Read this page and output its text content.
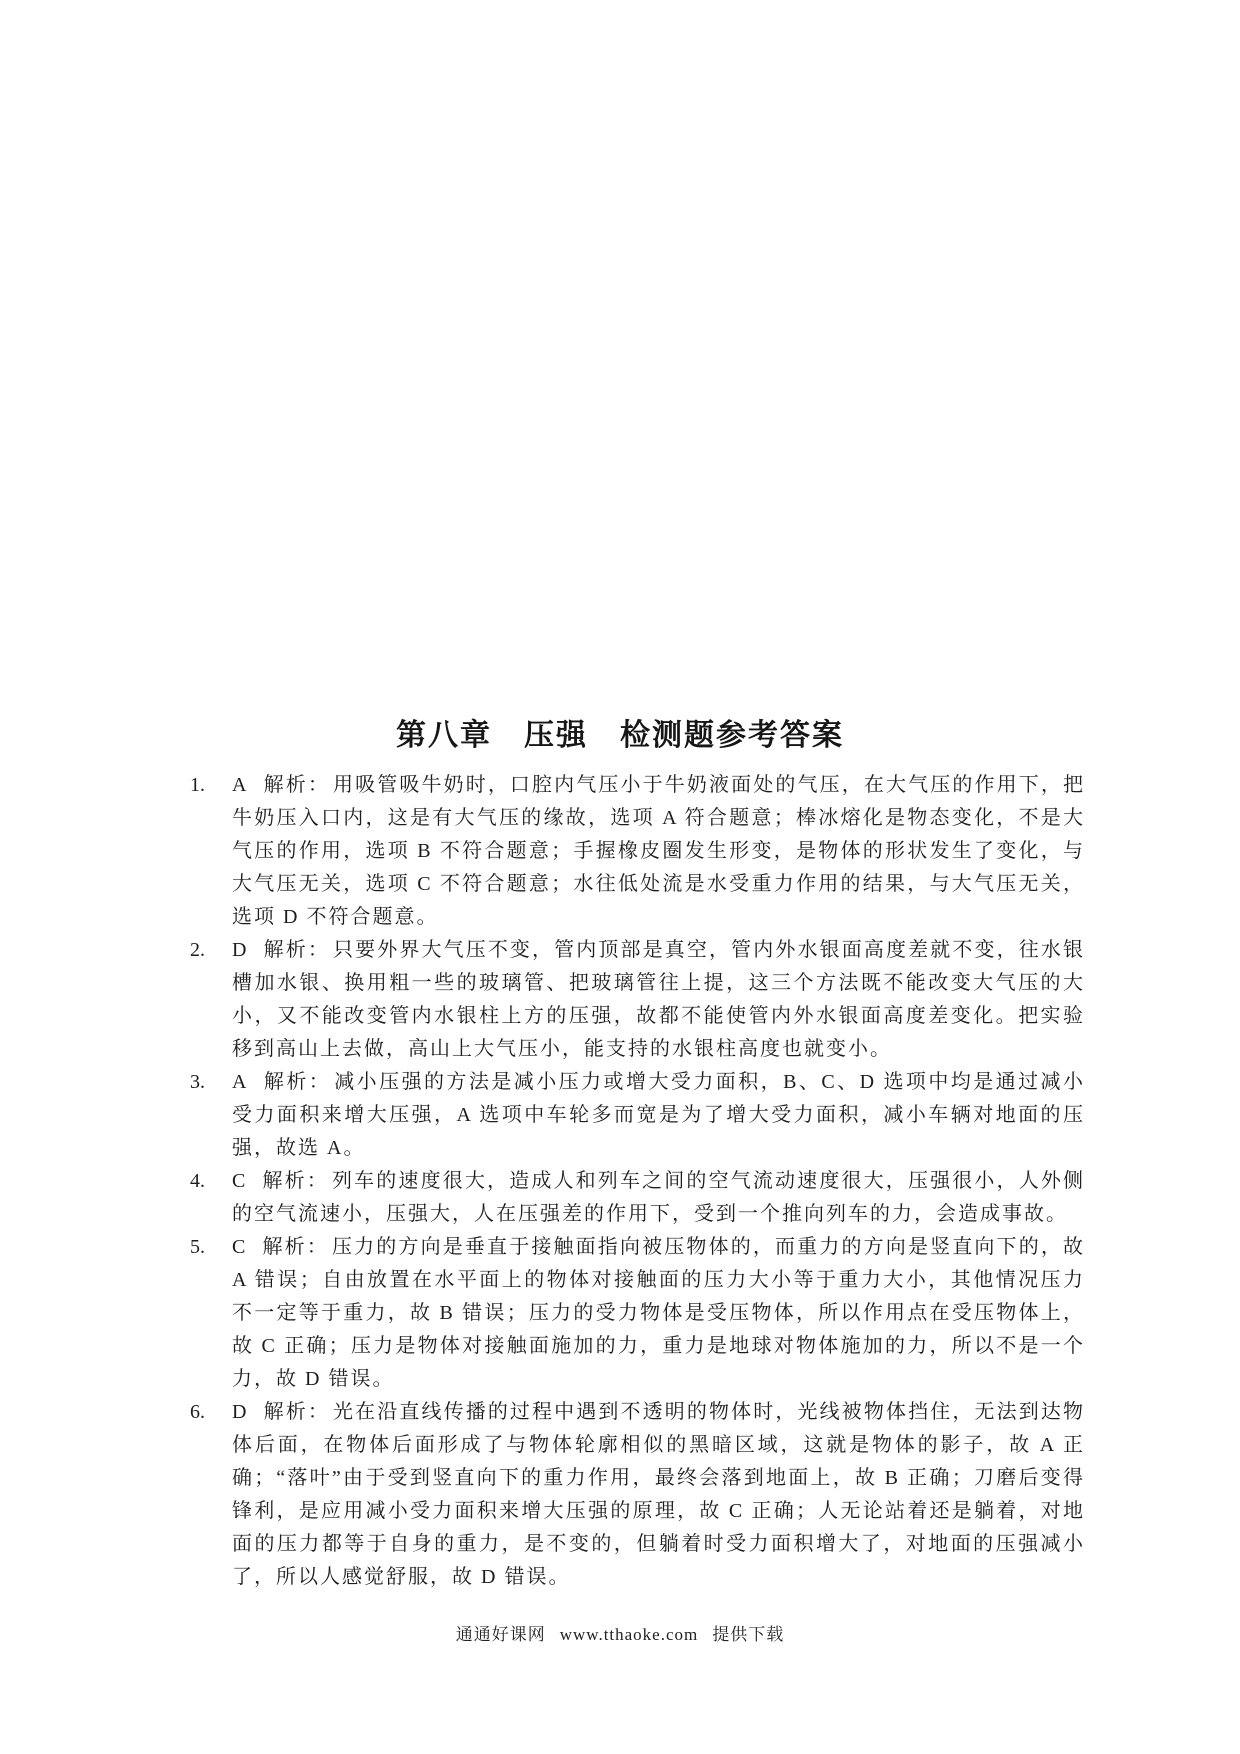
第八章　压强　检测题参考答案
1.	A 解析： 用吸管吸牛奶时，口腔内气压小于牛奶液面处的气压，在大气压的作用下，把牛奶压入口内，这是有大气压的缘故，选项 A 符合题意；棒冰熔化是物态变化，不是大气压的作用，选项 B 不符合题意；手握橡皮圈发生形变，是物体的形状发生了变化，与大气压无关，选项 C 不符合题意；水往低处流是水受重力作用的结果，与大气压无关，选项 D 不符合题意。
2.	D 解析： 只要外界大气压不变，管内顶部是真空，管内外水银面高度差就不变，往水银槽加水银、换用粗一些的玻璃管、把玻璃管往上提，这三个方法既不能改变大气压的大小，又不能改变管内水银柱上方的压强，故都不能使管内外水银面高度差变化。把实验移到高山上去做，高山上大气压小，能支持的水银柱高度也就变小。
3.	A 解析： 减小压强的方法是减小压力或增大受力面积，B、C、D 选项中均是通过减小受力面积来增大压强，A 选项中车轮多而宽是为了增大受力面积，减小车辆对地面的压强，故选 A。
4.	C 解析： 列车的速度很大，造成人和列车之间的空气流动速度很大，压强很小，人外侧的空气流速小，压强大，人在压强差的作用下，受到一个推向列车的力，会造成事故。
5.	C 解析： 压力的方向是垂直于接触面指向被压物体的，而重力的方向是竖直向下的，故 A 错误；自由放置在水平面上的物体对接触面的压力大小等于重力大小，其他情况压力不一定等于重力，故 B 错误；压力的受力物体是受压物体，所以作用点在受压物体上，故 C 正确；压力是物体对接触面施加的力，重力是地球对物体施加的力，所以不是一个力，故 D 错误。
6.	D 解析： 光在沿直线传播的过程中遇到不透明的物体时，光线被物体挡住，无法到达物体后面，在物体后面形成了与物体轮廓相似的黑暗区域，这就是物体的影子，故 A 正确；“落叶”由于受到竖直向下的重力作用，最终会落到地面上，故 B 正确；刀磨后变得锋利，是应用减小受力面积来增大压强的原理，故 C 正确；人无论站着还是躺着，对地面的压力都等于自身的重力，是不变的，但躺着时受力面积增大了，对地面的压强减小了，所以人感觉舒服，故 D 错误。
通通好课网 www.tthaoke.com 提供下载
